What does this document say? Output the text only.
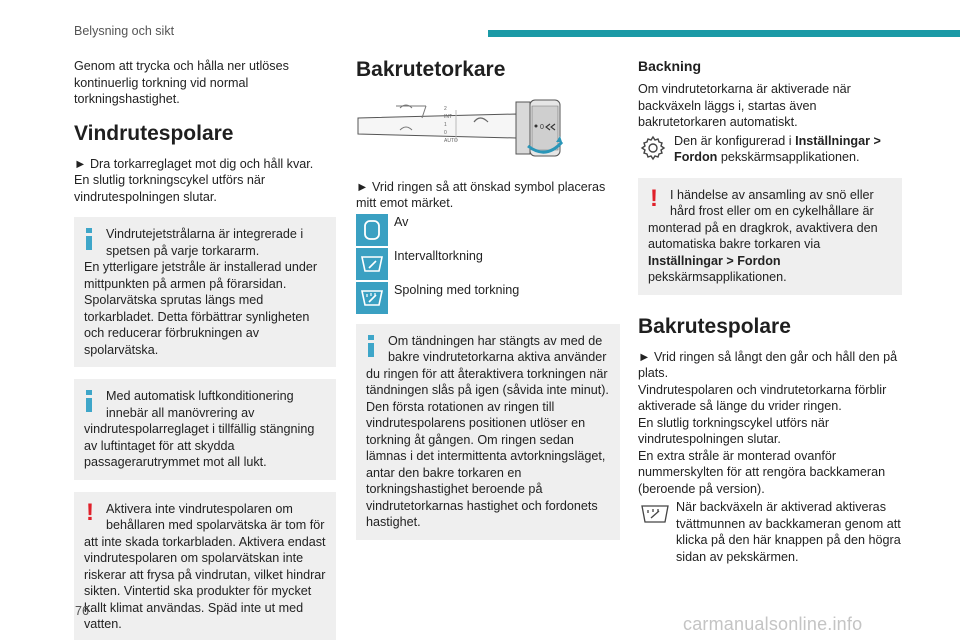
Belysning och sikt
Genom att trycka och hålla ner utlöses kontinuerlig torkning vid normal torkningshastighet.
Vindrutespolare
► Dra torkarreglaget mot dig och håll kvar.
En slutlig torkningscykel utförs när vindrutespolningen slutar.
Vindrutejetstrålarna är integrerade i spetsen på varje torkararm.
En ytterligare jetstråle är installerad under mittpunkten på armen på förarsidan. Spolarvätska sprutas längs med torkarbladet. Detta förbättrar synligheten och reducerar förbrukningen av spolarvätska.
Med automatisk luftkonditionering innebär all manövrering av
vindrutespolarreglaget i tillfällig stängning av luftintaget för att skydda passagerarutrymmet mot all lukt.
! Aktivera inte vindrutespolaren om behållaren med spolarvätska är tom för
att inte skada torkarbladen. Aktivera endast vindrutespolaren om spolarvätskan inte riskerar att frysa på vindrutan, vilket hindrar sikten. Vintertid ska produkter för mycket kallt klimat användas. Späd inte ut med vatten.
Bakrutetorkare
2
INT
1
0
AUTO
0
► Vrid ringen så att önskad symbol placeras mitt emot märket.
Av
Intervalltorkning
Spolning med torkning
Om tändningen har stängts av med de bakre vindrutetorkarna aktiva använder
du ringen för att återaktivera torkningen när tändningen slås på igen (såvida inte minut). Den första rotationen av ringen till vindrutespolarens positionen utlöser en torkning åt gången. Om ringen sedan lämnas i det intermittenta avtorkningsläget, antar den bakre torkaren en torkningshastighet beroende på vindrutetorkarnas hastighet och fordonets hastighet.
Backning
Om vindrutetorkarna är aktiverade när backväxeln läggs i, startas även bakrutetorkaren automatiskt.
Den är konfigurerad i Inställningar > Fordon pekskärmsapplikationen.
! I händelse av ansamling av snö eller hård frost eller om en cykelhållare är
monterad på en dragkrok, avaktivera den automatiska bakre torkaren via Inställningar > Fordon pekskärmsapplikationen.
Bakrutespolare
► Vrid ringen så långt den går och håll den på plats.
Vindrutespolaren och vindrutetorkarna förblir aktiverade så länge du vrider ringen.
En slutlig torkningscykel utförs när vindrutespolningen slutar.
En extra stråle är monterad ovanför nummerskylten för att rengöra backkameran (beroende på version).
När backväxeln är aktiverad aktiveras tvättmunnen av backkameran genom att klicka på den här knappen på den högra sidan av pekskärmen.
76
carmanualsonline.info
